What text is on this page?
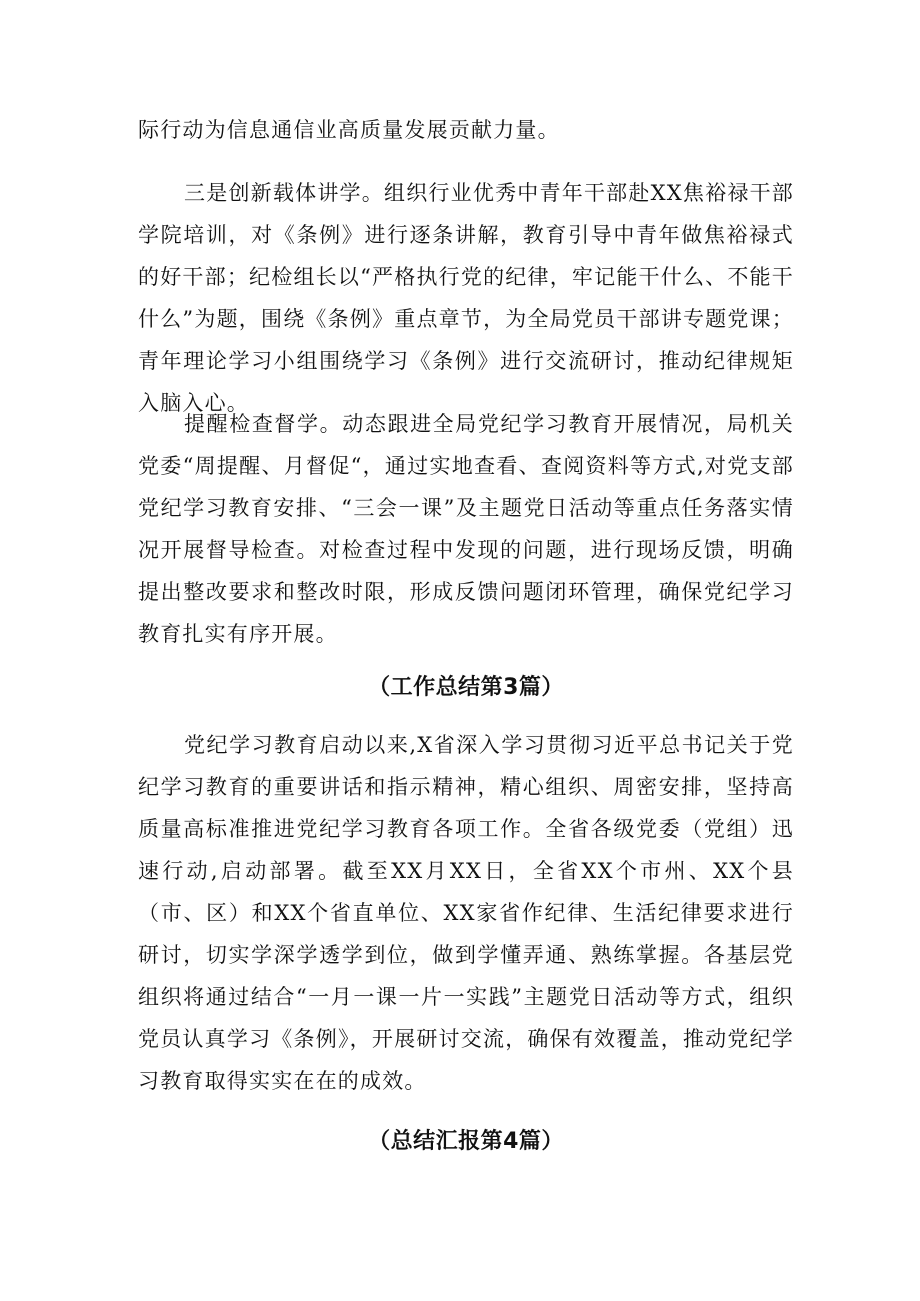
际行动为信息通信业高质量发展贡献力量。

三是创新载体讲学。组织行业优秀中青年干部赴XX焦裕禄干部学院培训，对《条例》进行逐条讲解，教育引导中青年做焦裕禄式的好干部；纪检组长以“严格执行党的纪律，牢记能干什么、不能干什么”为题，围绕《条例》重点章节，为全局党员干部讲专题党课；青年理论学习小组围绕学习《条例》进行交流研讨，推动纪律规矩入脑入心。

提醒检查督学。动态跟进全局党纪学习教育开展情况，局机关党委“周提醒、月督促“，通过实地查看、查阅资料等方式,对党支部党纪学习教育安排、“三会一课”及主题党日活动等重点任务落实情况开展督导检查。对检查过程中发现的问题，进行现场反馈，明确提出整改要求和整改时限，形成反馈问题闭环管理，确保党纪学习教育扎实有序开展。

（工作总结第3篇）

党纪学习教育启动以来,X省深入学习贯彻习近平总书记关于党纪学习教育的重要讲话和指示精神，精心组织、周密安排，坚持高质量高标准推进党纪学习教育各项工作。全省各级党委（党组）迅速行动,启动部署。截至XX月XX日，全省XX个市州、XX个县（市、区）和XX个省直单位、XX家省作纪律、生活纪律要求进行研讨，切实学深学透学到位，做到学懂弄通、熟练掌握。各基层党组织将通过结合“一月一课一片一实践”主题党日活动等方式，组织党员认真学习《条例》，开展研讨交流，确保有效覆盖，推动党纪学习教育取得实实在在的成效。

（总结汇报第4篇）
